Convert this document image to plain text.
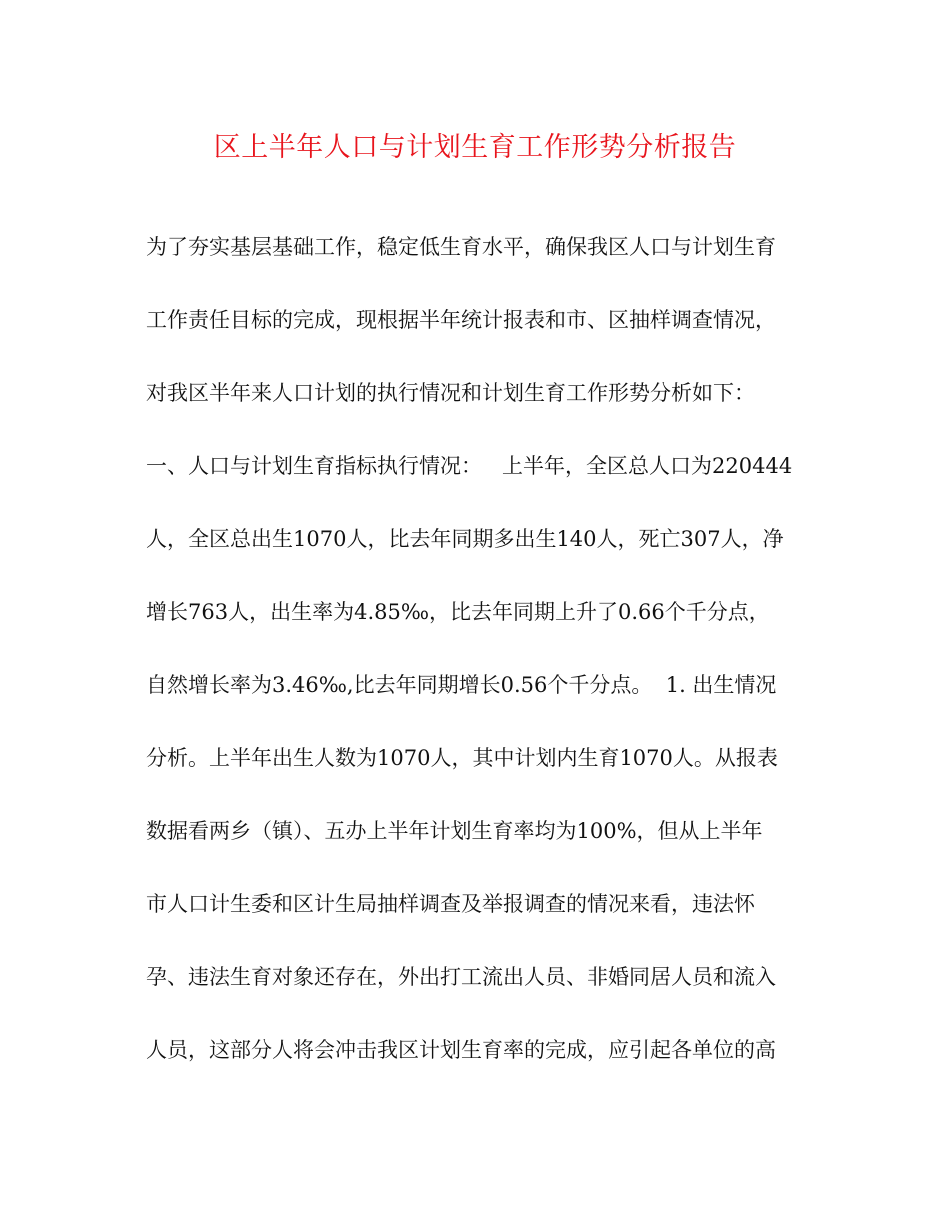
区上半年人口与计划生育工作形势分析报告
为了夯实基层基础工作，稳定低生育水平，确保我区人口与计划生育
工作责任目标的完成，现根据半年统计报表和市、区抽样调查情况，
对我区半年来人口计划的执行情况和计划生育工作形势分析如下：
一、人口与计划生育指标执行情况：   上半年，全区总人口为220444
人，全区总出生1070人，比去年同期多出生140人，死亡307人，净
增长763人，出生率为4.85‰，比去年同期上升了0.66个千分点，
自然增长率为3.46‰,比去年同期增长0.56个千分点。  1. 出生情况
分析。上半年出生人数为1070人，其中计划内生育1070人。从报表
数据看两乡（镇）、五办上半年计划生育率均为100%，但从上半年
市人口计生委和区计生局抽样调查及举报调查的情况来看，违法怀
孕、违法生育对象还存在，外出打工流出人员、非婚同居人员和流入
人员，这部分人将会冲击我区计划生育率的完成，应引起各单位的高
